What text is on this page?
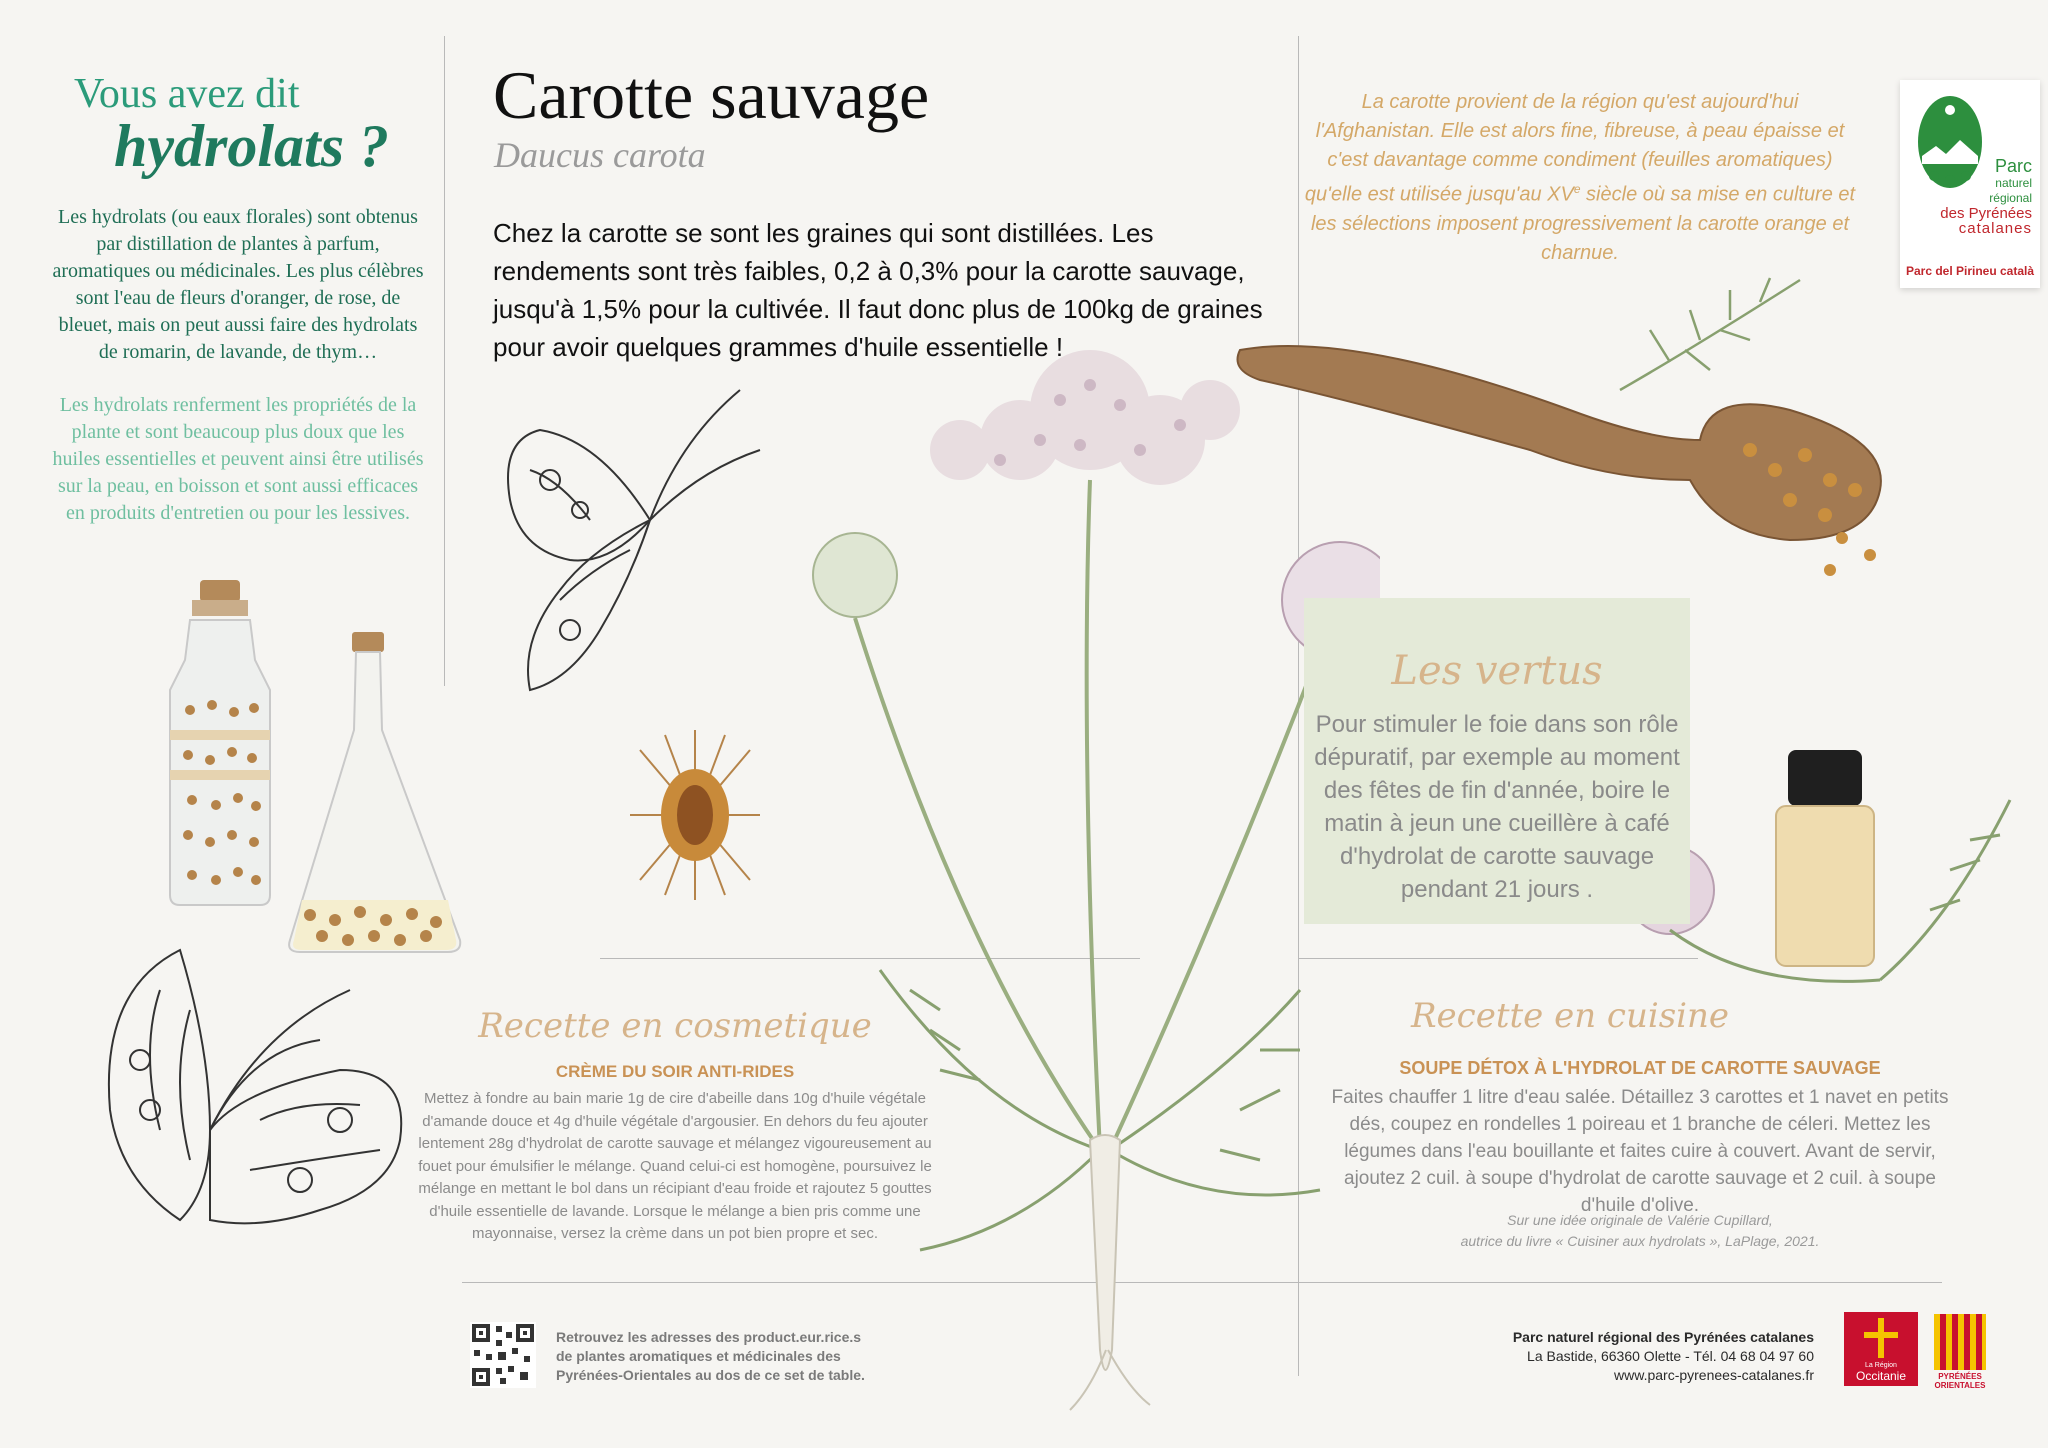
Vous avez dit
hydrolats ?
Les hydrolats (ou eaux florales) sont obtenus par distillation de plantes à parfum, aromatiques ou médicinales. Les plus célèbres sont l'eau de fleurs d'oranger, de rose, de bleuet, mais on peut aussi faire des hydrolats de romarin, de lavande, de thym…
Les hydrolats renferment les propriétés de la plante et sont beaucoup plus doux que les huiles essentielles et peuvent ainsi être utilisés sur la peau, en boisson et sont aussi efficaces en produits d'entretien ou pour les lessives.
Carotte sauvage
Daucus carota
Chez la carotte se sont les graines qui sont distillées. Les rendements sont très faibles, 0,2 à 0,3% pour la carotte sauvage, jusqu'à 1,5% pour la cultivée. Il faut donc plus de 100kg de graines pour avoir quelques grammes d'huile essentielle !
La carotte provient de la région qu'est aujourd'hui l'Afghanistan. Elle est alors fine, fibreuse, à peau épaisse et c'est davantage comme condiment (feuilles aromatiques) qu'elle est utilisée jusqu'au XVe siècle où sa mise en culture et les sélections imposent progressivement la carotte orange et charnue.
Parc
naturel
régional
des Pyrénées
catalanes
Parc del Pirineu català
Les vertus
Pour stimuler le foie dans son rôle dépuratif, par exemple au moment des fêtes de fin d'année, boire le matin à jeun une cueillère à café d'hydrolat de carotte sauvage pendant 21 jours .
Recette en cosmetique
CRÈME DU SOIR ANTI-RIDES
Mettez à fondre au bain marie 1g de cire d'abeille dans 10g d'huile végétale d'amande douce et 4g d'huile végétale d'argousier. En dehors du feu ajouter lentement 28g d'hydrolat de carotte sauvage et mélangez vigoureusement au fouet pour émulsifier le mélange. Quand celui-ci est homogène, poursuivez le mélange en mettant le bol dans un récipiant d'eau froide et rajoutez 5 gouttes d'huile essentielle de lavande. Lorsque le mélange a bien pris comme une mayonnaise, versez la crème dans un pot bien propre et sec.
Recette en cuisine
SOUPE DÉTOX À L'HYDROLAT DE CAROTTE SAUVAGE
Faites chauffer 1 litre d'eau salée. Détaillez 3 carottes et 1 navet en petits dés, coupez en rondelles 1 poireau et 1 branche de céleri. Mettez les légumes dans l'eau bouillante et faites cuire à couvert. Avant de servir, ajoutez 2 cuil. à soupe d'hydrolat de carotte sauvage et 2 cuil. à soupe d'huile d'olive.
Sur une idée originale de Valérie Cupillard,
autrice du livre « Cuisiner aux hydrolats », LaPlage, 2021.
Retrouvez les adresses des product.eur.rice.s de plantes aromatiques et médicinales des Pyrénées-Orientales au dos de ce set de table.
Parc naturel régional des Pyrénées catalanes
La Bastide, 66360 Olette - Tél. 04 68 04 97 60
www.parc-pyrenees-catalanes.fr
La Région
Occitanie	PYRÉNÉES ORIENTALES
